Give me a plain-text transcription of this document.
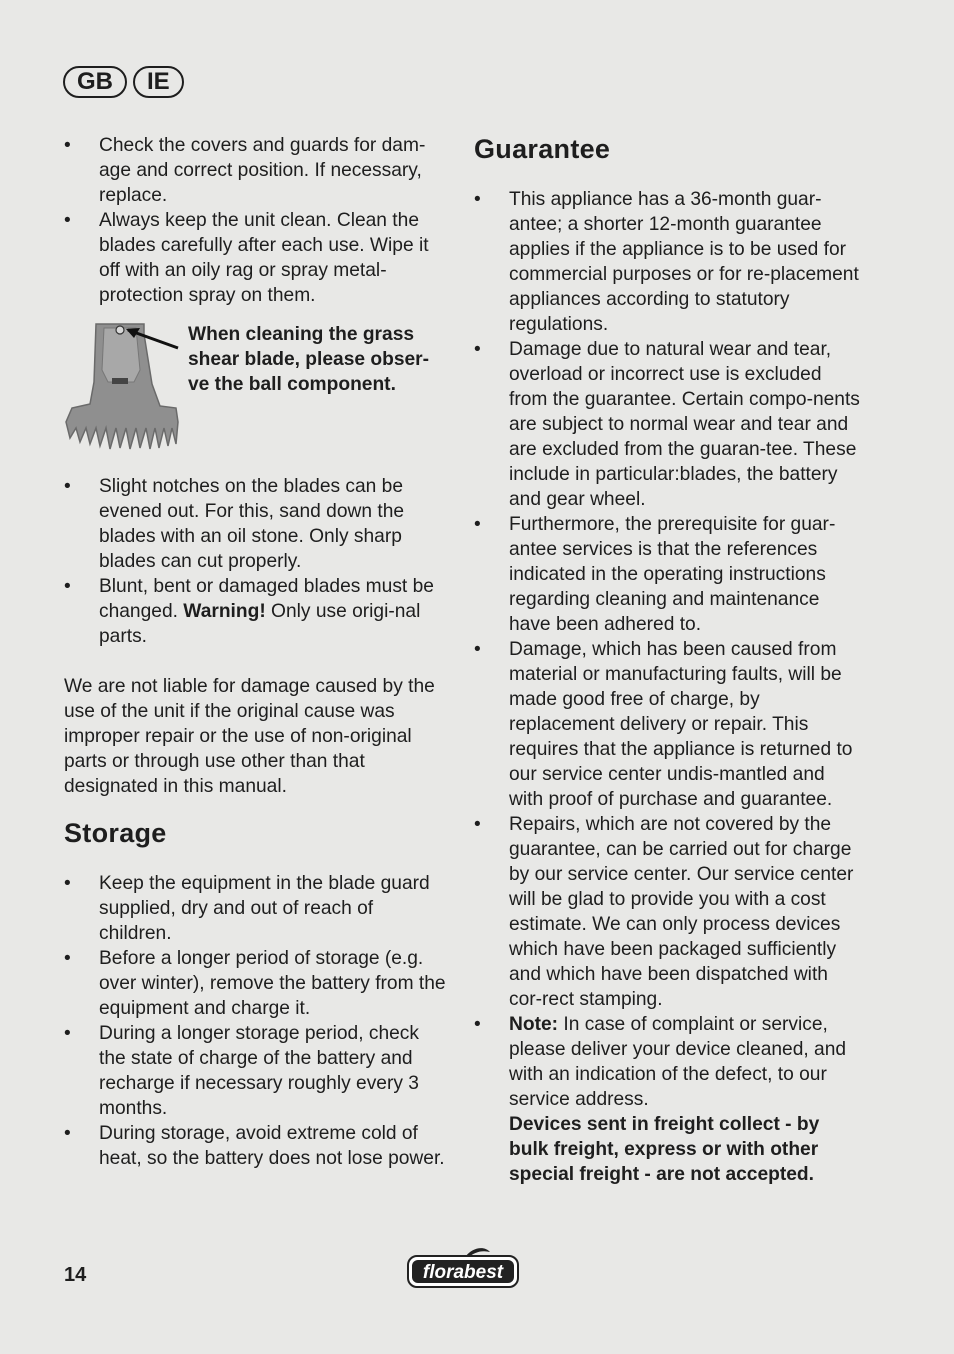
GB	IE
• Check the covers and guards for dam-age and correct position. If necessary, replace.
• Always keep the unit clean. Clean the blades carefully after each use. Wipe it off with an oily rag or spray metal-protection spray on them.

When cleaning the grass shear blade, please obser-ve the ball component.

• Slight notches on the blades can be evened out. For this, sand down the blades with an oil stone. Only sharp blades can cut properly.
• Blunt, bent or damaged blades must be changed. Warning! Only use origi-nal parts.

We are not liable for damage caused by the use of the unit if the original cause was improper repair or the use of non-original parts or through use other than that designated in this manual.

Storage
• Keep the equipment in the blade guard supplied, dry and out of reach of children.
• Before a longer period of storage (e.g. over winter), remove the battery from the equipment and charge it.
• During a longer storage period, check the state of charge of the battery and recharge if necessary roughly every 3 months.
• During storage, avoid extreme cold of heat, so the battery does not lose power.
Guarantee
• This appliance has a 36-month guar-antee; a shorter 12-month guarantee applies if the appliance is to be used for commercial purposes or for re-placement appliances according to statutory regulations.
• Damage due to natural wear and tear, overload or incorrect use is excluded from the guarantee. Certain compo-nents are subject to normal wear and tear and are excluded from the guaran-tee. These include in particular:blades, the battery and gear wheel.
• Furthermore, the prerequisite for guar-antee services is that the references indicated in the operating instructions regarding cleaning and maintenance have been adhered to.
• Damage, which has been caused from material or manufacturing faults, will be made good free of charge, by replacement delivery or repair. This requires that the appliance is returned to our service center undis-mantled and with proof of purchase and guarantee.
• Repairs, which are not covered by the guarantee, can be carried out for charge by our service center. Our service center will be glad to provide you with a cost estimate. We can only process devices which have been packaged sufficiently and which have been dispatched with cor-rect stamping.
• Note: In case of complaint or service, please deliver your device cleaned, and with an indication of the defect, to our service address.
Devices sent in freight collect - by bulk freight, express or with other special freight - are not accepted.
14	florabest
